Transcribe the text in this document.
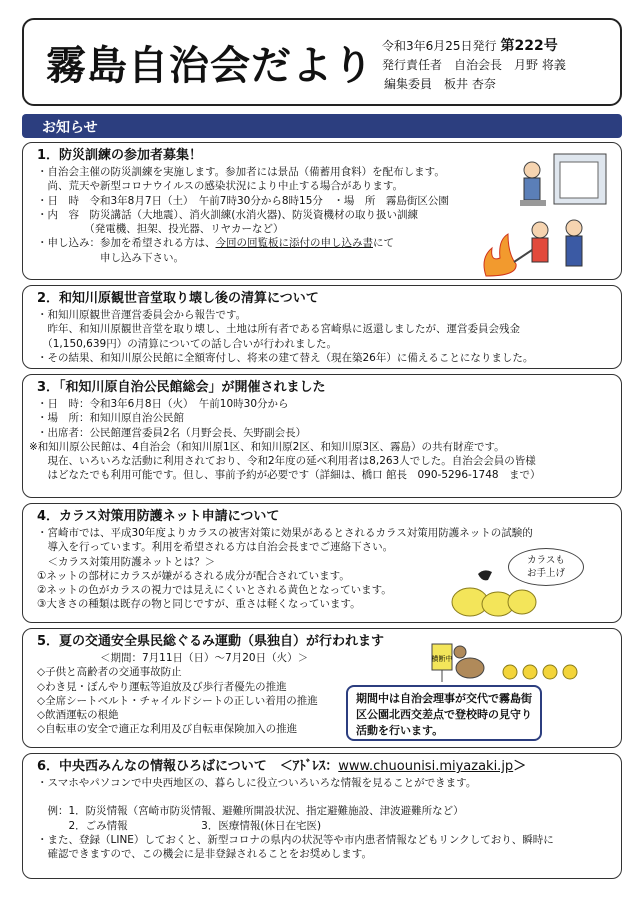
霧島自治会だより 令和3年6月25日発行 第222号
発行責任者　自治会長　月野 将義
編集委員　板井 杏奈
お知らせ
1．防災訓練の参加者募集！
・自治会主催の防災訓練を実施します。参加者には景品（備蓄用食料）を配布します。
　尚、荒天や新型コロナウイルスの感染状況により中止する場合があります。
・日　時　令和3年8月7日（土）　午前7時30分から8時15分　・場　所　霧島街区公園
・内　容　防災講話（大地震）、消火訓練(水消火器)、防災資機材の取り扱い訓練
　　　　　（発電機、担架、投光器、リヤカーなど）
・申し込み：参加を希望される方は、今回の回覧板に添付の申し込み書にて
　　　　　　申し込み下さい。
2．和知川原観世音堂取り壊し後の清算について
・和知川原観世音運営委員会から報告です。
　昨年、和知川原観世音堂を取り壊し、土地は所有者である宮崎県に返還しましたが、運営委員会残金
　（1,150,639円）の清算についての話し合いが行われました。
・その結果、和知川原公民館に全額寄付し、将来の建て替え（現在築26年）に備えることになりました。
3．「和知川原自治公民館総会」が開催されました
・日　時：令和3年6月8日（火）　午前10時30分から
・場　所：和知川原自治公民館
・出席者：公民館運営委員2名（月野会長、矢野副会長）
※和知川原公民館は、4自治会（和知川原1区、和知川原2区、和知川原3区、霧島）の共有財産です。
　現在、いろいろな活動に利用されており、令和2年度の延べ利用者は8,263人でした。自治会会員の皆様
　はどなたでも利用可能です。但し、事前予約が必要です（詳細は、橋口 館長　090-5296-1748　まで）
4．カラス対策用防護ネット申請について
・宮崎市では、平成30年度よりカラスの被害対策に効果があるとされるカラス対策用防護ネットの試験的
　導入を行っています。利用を希望される方は自治会長までご連絡下さい。
　＜カラス対策用防護ネットとは？＞
①ネットの部材にカラスが嫌がるされる成分が配合されています。
②ネットの色がカラスの視力では見えにくいとされる黄色となっています。
③大きさの種類は既存の物と同じですが、重さは軽くなっています。
カラスも
お手上げ
5．夏の交通安全県民総ぐるみ運動（県独自）が行われます
　　　　　　＜期間：7月11日（日）～7月20日（火）＞
◇子供と高齢者の交通事故防止
◇わき見・ぼんやり運転等追放及び歩行者優先の推進
◇全席シートベルト・チャイルドシートの正しい着用の推進
◇飲酒運転の根絶
◇自転車の安全で適正な利用及び自転車保険加入の推進
横断中
期間中は自治会理事が交代で霧島街区公園北西交差点で登校時の見守り活動を行います。
6．中央西みんなの情報ひろばについて　＜ｱﾄﾞﾚｽ：www.chuounisi.miyazaki.jp＞
・スマホやパソコンで中央西地区の、暮らしに役立ついろいろな情報を見ることができます。
　例：1．防災情報（宮崎市防災情報、避難所開設状況、指定避難施設、津波避難所など）
　　　2．ごみ情報　　　　　　　3．医療情報(休日在宅医)
・また、登録（LINE）しておくと、新型コロナの県内の状況等や市内患者情報などもリンクしており、瞬時に
　確認できますので、この機会に是非登録されることをお奨めします。
